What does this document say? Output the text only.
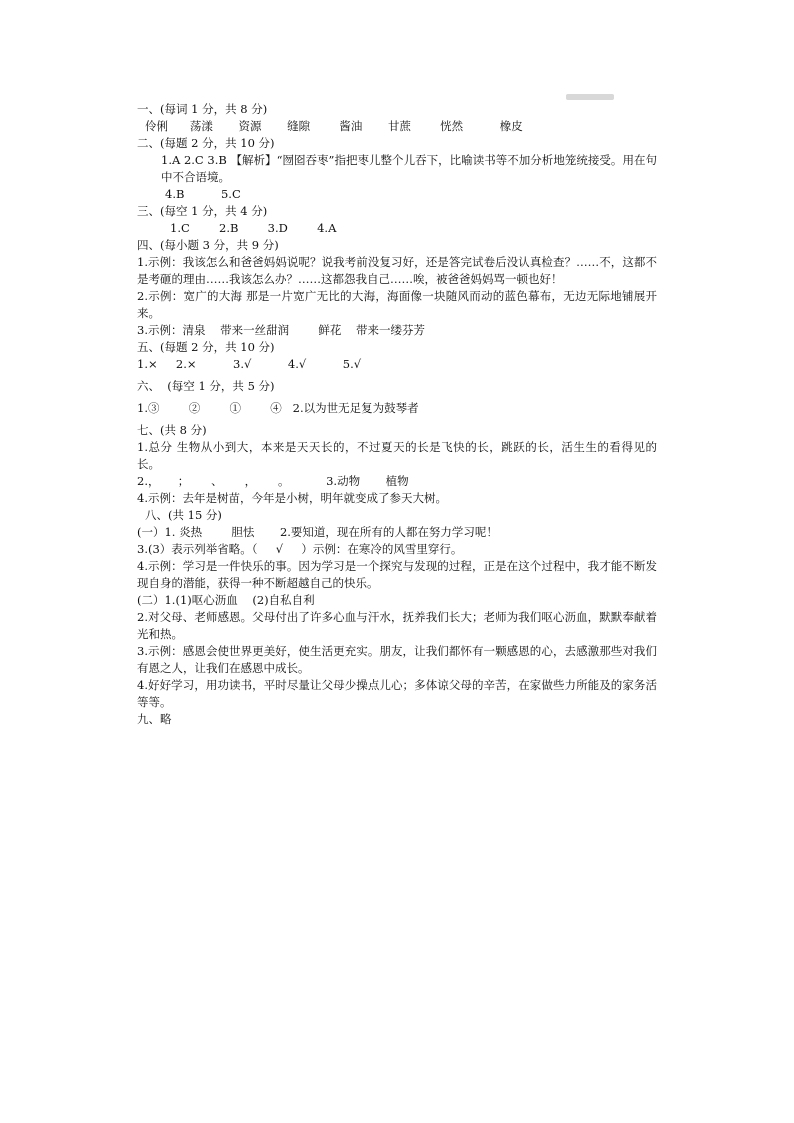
一、(每词 1 分，共 8 分)
伶俐      荡漾       资源       缝隙        酱油       甘蔗        恍然          橡皮
二、(每题 2 分，共 10 分)
1.A 2.C 3.B 【解析】“囫囵吞枣”指把枣儿整个儿吞下，比喻读书等不加分析地笼统接受。用在句中不合语境。
4.B          5.C
三、(每空 1 分，共 4 分)
1.C        2.B        3.D        4.A
四、(每小题 3 分，共 9 分)
1.示例：我该怎么和爸爸妈妈说呢？说我考前没复习好，还是答完试卷后没认真检查？……不，这都不是考砸的理由……我该怎么办？……这都怨我自己……唉，被爸爸妈妈骂一顿也好！
2.示例：宽广的大海 那是一片宽广无比的大海，海面像一块随风而动的蓝色幕布，无边无际地铺展开来。
3.示例：清泉    带来一丝甜润        鲜花    带来一缕芬芳
五、(每题 2 分，共 10 分)
1.×     2.×          3.√          4.√          5.√
六、  (每空 1 分，共 5 分)
1.③        ②        ①        ④   2.以为世无足复为鼓琴者
七、(共 8 分)
1.总分 生物从小到大，本来是天天长的，不过夏天的长是飞快的长，跳跃的长，活生生的看得见的长。
2.，     ；      、      ，      。          3.动物       植物
4.示例：去年是树苗，今年是小树，明年就变成了参天大树。
八、(共 15 分)
(一）1. 炎热        胆怯       2.要知道，现在所有的人都在努力学习呢！
3.(3）表示列举省略。（     √     ）示例：在寒冷的风雪里穿行。
4.示例：学习是一件快乐的事。因为学习是一个探究与发现的过程，正是在这个过程中，我才能不断发现自身的潜能，获得一种不断超越自己的快乐。
(二）1.(1)呕心沥血    (2)自私自利
2.对父母、老师感恩。父母付出了许多心血与汗水，抚养我们长大；老师为我们呕心沥血，默默奉献着光和热。
3.示例：感恩会使世界更美好，使生活更充实。朋友，让我们都怀有一颗感恩的心，去感激那些对我们有恩之人，让我们在感恩中成长。
4.好好学习，用功读书，平时尽量让父母少操点儿心；多体谅父母的辛苦，在家做些力所能及的家务活等等。
九、略
